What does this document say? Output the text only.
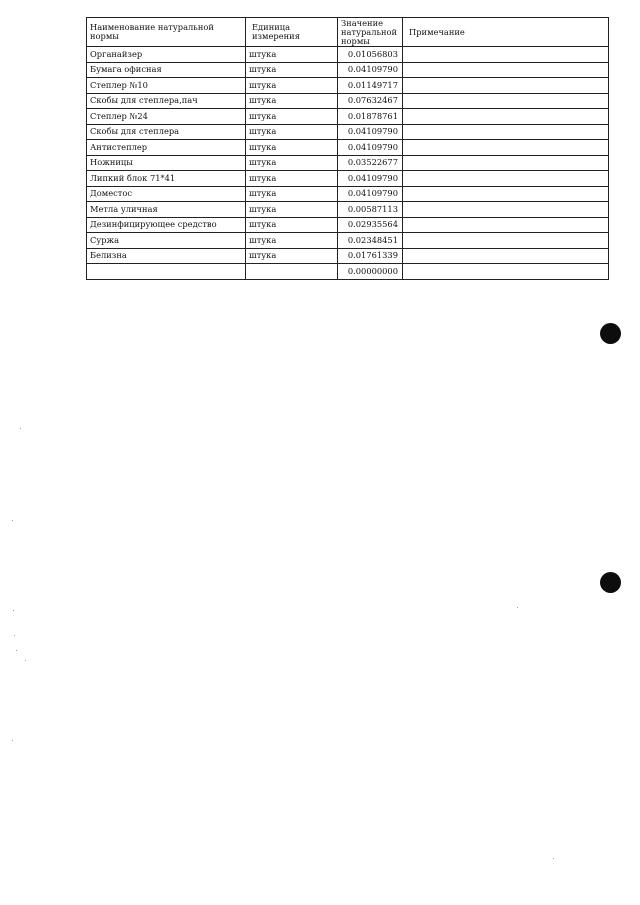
Наименование натуральной нормы	Единица измерения	Значение натуральной нормы	Примечание
Органайзер	штука	0.01056803	
Бумага офисная	штука	0.04109790	
Степлер №10	штука	0.01149717	
Скобы для степлера,пач	штука	0.07632467	
Степлер №24	штука	0.01878761	
Скобы для степлера	штука	0.04109790	
Антистеплер	штука	0.04109790	
Ножницы	штука	0.03522677	
Липкий блок 71*41	штука	0.04109790	
Доместос	штука	0.04109790	
Метла уличная	штука	0.00587113	
Дезинфицирующее средство	штука	0.02935564	
Суржа	штука	0.02348451	
Белизна	штука	0.01761339	
		0.00000000	
